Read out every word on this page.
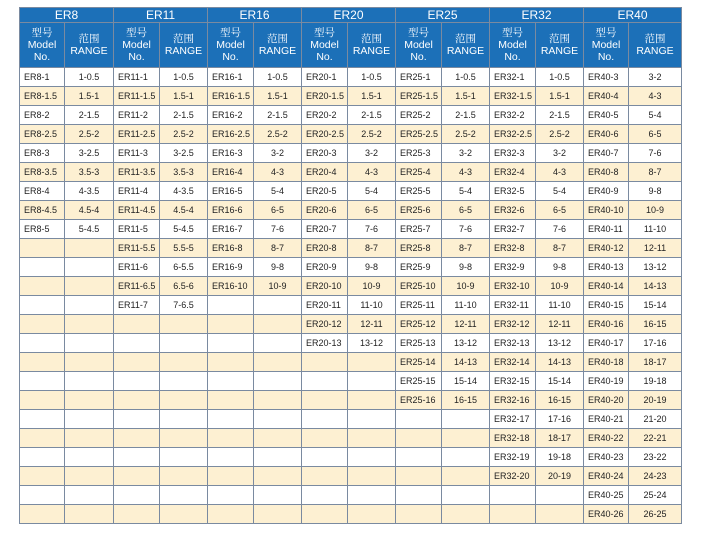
ER8		ER11		ER16		ER20		ER25		ER32		ER40	
型号
Model
No.	范围
RANGE	型号
Model
No.	范围
RANGE	型号
Model
No.	范围
RANGE	型号
Model
No.	范围
RANGE	型号
Model
No.	范围
RANGE	型号
Model
No.	范围
RANGE	型号
Model
No.	范围
RANGE
ER8-1	1-0.5	ER11-1	1-0.5	ER16-1	1-0.5	ER20-1	1-0.5	ER25-1	1-0.5	ER32-1	1-0.5	ER40-3	3-2
ER8-1.5	1.5-1	ER11-1.5	1.5-1	ER16-1.5	1.5-1	ER20-1.5	1.5-1	ER25-1.5	1.5-1	ER32-1.5	1.5-1	ER40-4	4-3
ER8-2	2-1.5	ER11-2	2-1.5	ER16-2	2-1.5	ER20-2	2-1.5	ER25-2	2-1.5	ER32-2	2-1.5	ER40-5	5-4
ER8-2.5	2.5-2	ER11-2.5	2.5-2	ER16-2.5	2.5-2	ER20-2.5	2.5-2	ER25-2.5	2.5-2	ER32-2.5	2.5-2	ER40-6	6-5
ER8-3	3-2.5	ER11-3	3-2.5	ER16-3	3-2	ER20-3	3-2	ER25-3	3-2	ER32-3	3-2	ER40-7	7-6
ER8-3.5	3.5-3	ER11-3.5	3.5-3	ER16-4	4-3	ER20-4	4-3	ER25-4	4-3	ER32-4	4-3	ER40-8	8-7
ER8-4	4-3.5	ER11-4	4-3.5	ER16-5	5-4	ER20-5	5-4	ER25-5	5-4	ER32-5	5-4	ER40-9	9-8
ER8-4.5	4.5-4	ER11-4.5	4.5-4	ER16-6	6-5	ER20-6	6-5	ER25-6	6-5	ER32-6	6-5	ER40-10	10-9
ER8-5	5-4.5	ER11-5	5-4.5	ER16-7	7-6	ER20-7	7-6	ER25-7	7-6	ER32-7	7-6	ER40-11	11-10
		ER11-5.5	5.5-5	ER16-8	8-7	ER20-8	8-7	ER25-8	8-7	ER32-8	8-7	ER40-12	12-11
		ER11-6	6-5.5	ER16-9	9-8	ER20-9	9-8	ER25-9	9-8	ER32-9	9-8	ER40-13	13-12
		ER11-6.5	6.5-6	ER16-10	10-9	ER20-10	10-9	ER25-10	10-9	ER32-10	10-9	ER40-14	14-13
		ER11-7	7-6.5			ER20-11	11-10	ER25-11	11-10	ER32-11	11-10	ER40-15	15-14
						ER20-12	12-11	ER25-12	12-11	ER32-12	12-11	ER40-16	16-15
						ER20-13	13-12	ER25-13	13-12	ER32-13	13-12	ER40-17	17-16
								ER25-14	14-13	ER32-14	14-13	ER40-18	18-17
								ER25-15	15-14	ER32-15	15-14	ER40-19	19-18
								ER25-16	16-15	ER32-16	16-15	ER40-20	20-19
										ER32-17	17-16	ER40-21	21-20
										ER32-18	18-17	ER40-22	22-21
										ER32-19	19-18	ER40-23	23-22
										ER32-20	20-19	ER40-24	24-23
												ER40-25	25-24
												ER40-26	26-25
